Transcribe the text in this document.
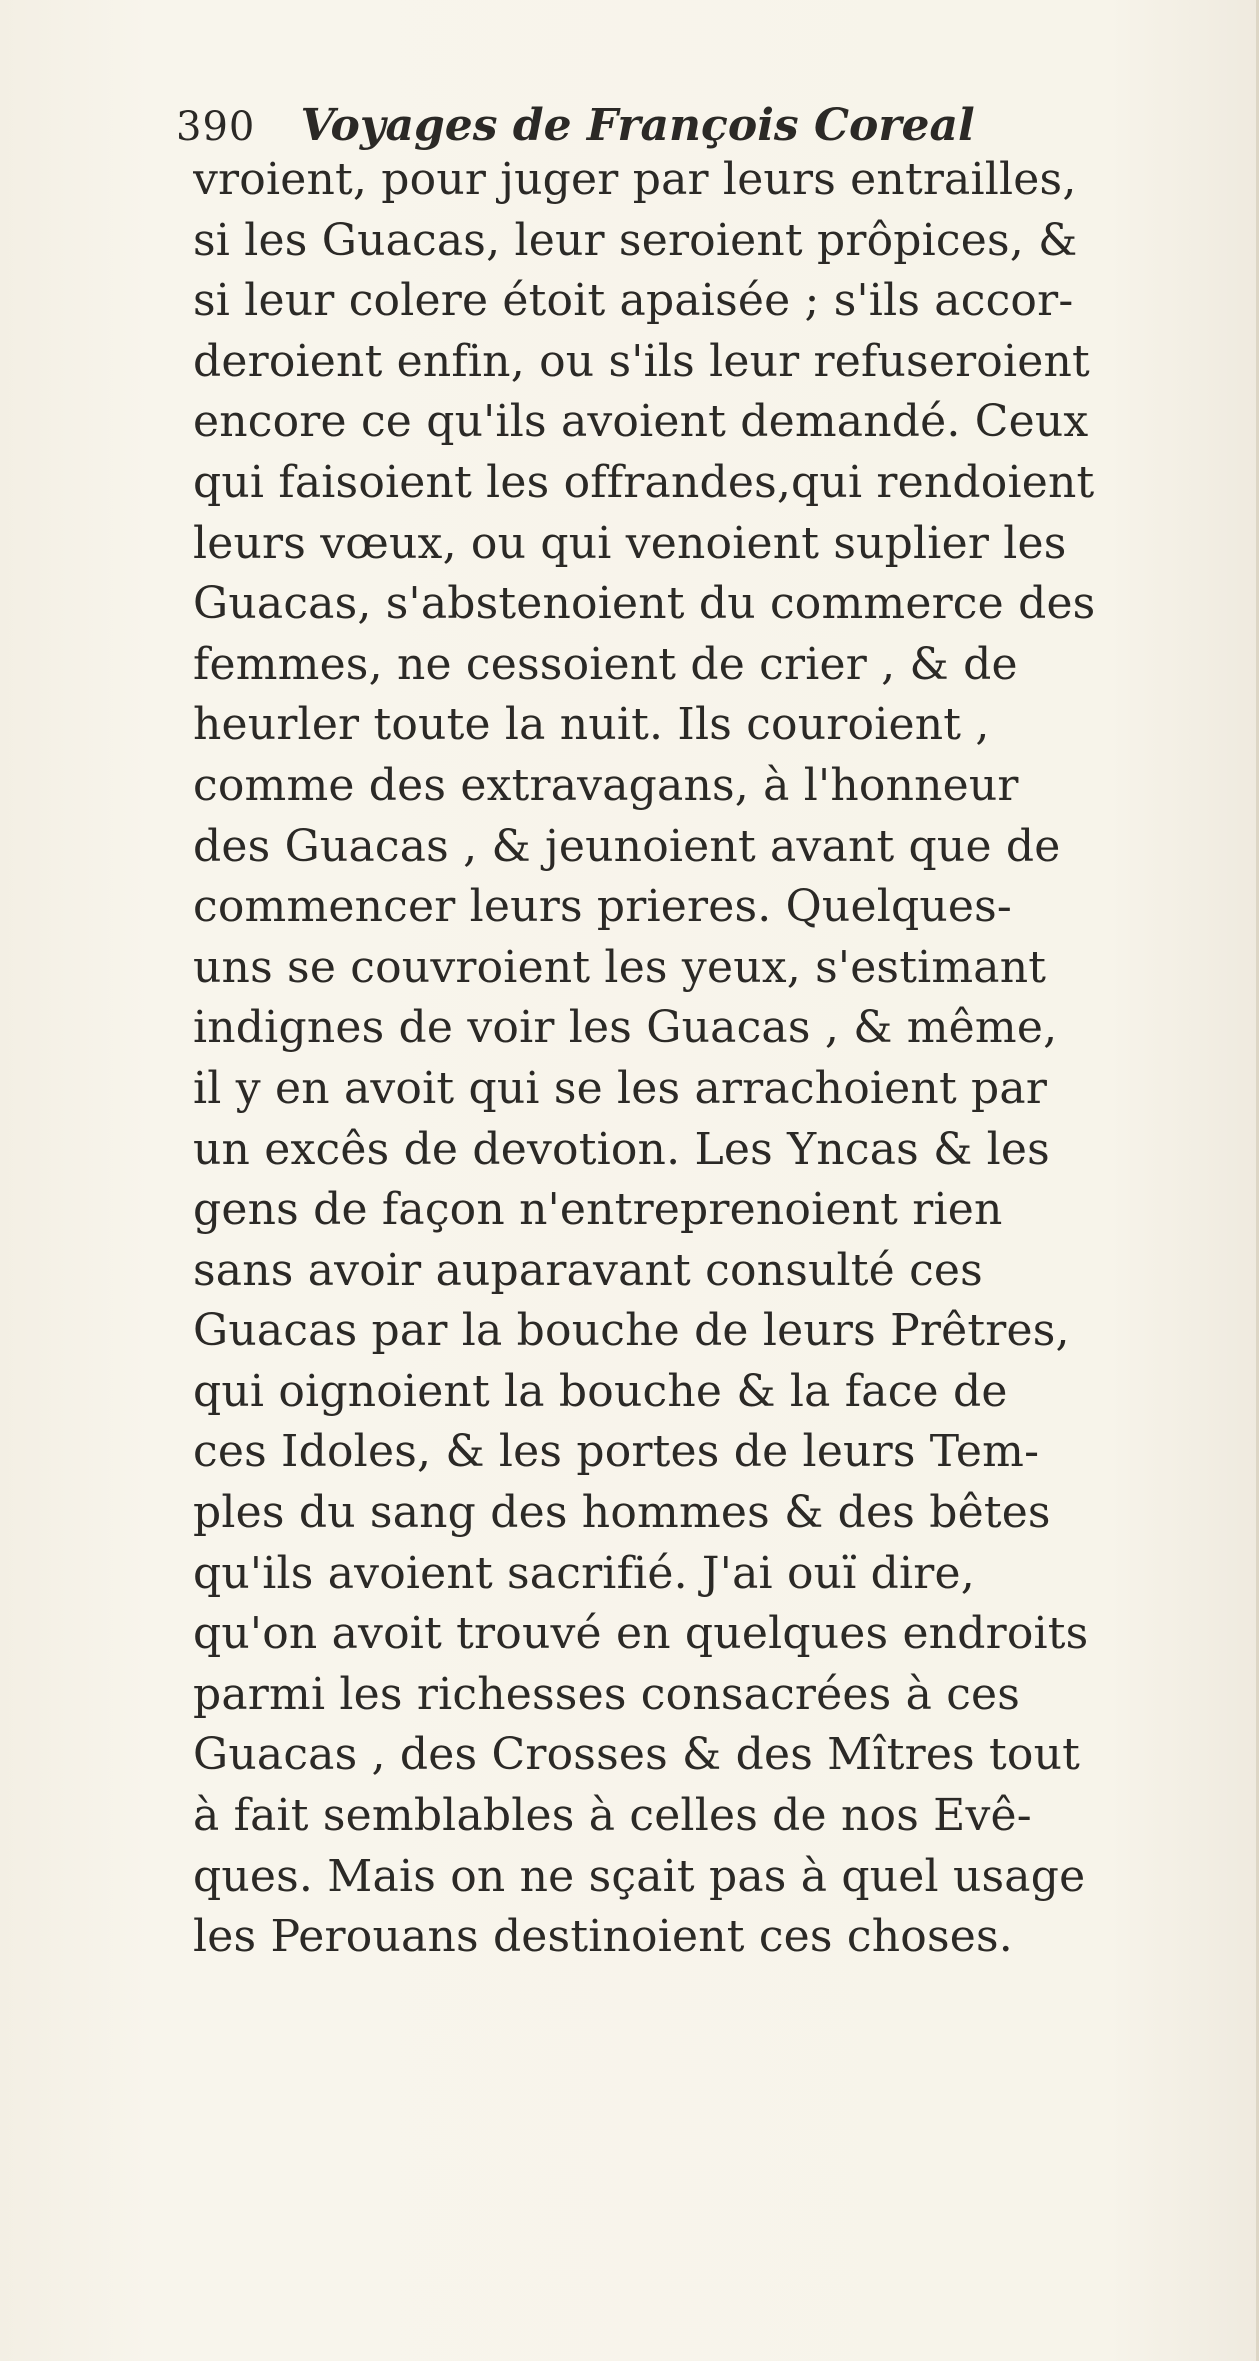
390 Voyages de François Coreal
vroient, pour juger par leurs entrailles,
si les Guacas, leur seroient prôpices, &
si leur colere étoit apaisée ; s'ils accor-
deroient enfin, ou s'ils leur refuseroient
encore ce qu'ils avoient demandé. Ceux
qui faisoient les offrandes,qui rendoient
leurs vœux, ou qui venoient suplier les
Guacas, s'abstenoient du commerce des
femmes, ne cessoient de crier , & de
heurler toute la nuit. Ils couroient ,
comme des extravagans, à l'honneur
des Guacas , & jeunoient avant que de
commencer leurs prieres. Quelques-
uns se couvroient les yeux, s'estimant
indignes de voir les Guacas , & même,
il y en avoit qui se les arrachoient par
un excês de devotion. Les Yncas & les
gens de façon n'entreprenoient rien
sans avoir auparavant consulté ces
Guacas par la bouche de leurs Prêtres,
qui oignoient la bouche & la face de
ces Idoles, & les portes de leurs Tem-
ples du sang des hommes & des bêtes
qu'ils avoient sacrifié. J'ai ouï dire,
qu'on avoit trouvé en quelques endroits
parmi les richesses consacrées à ces
Guacas , des Crosses & des Mîtres tout
à fait semblables à celles de nos Evê-
ques. Mais on ne sçait pas à quel usage
les Perouans destinoient ces choses.
